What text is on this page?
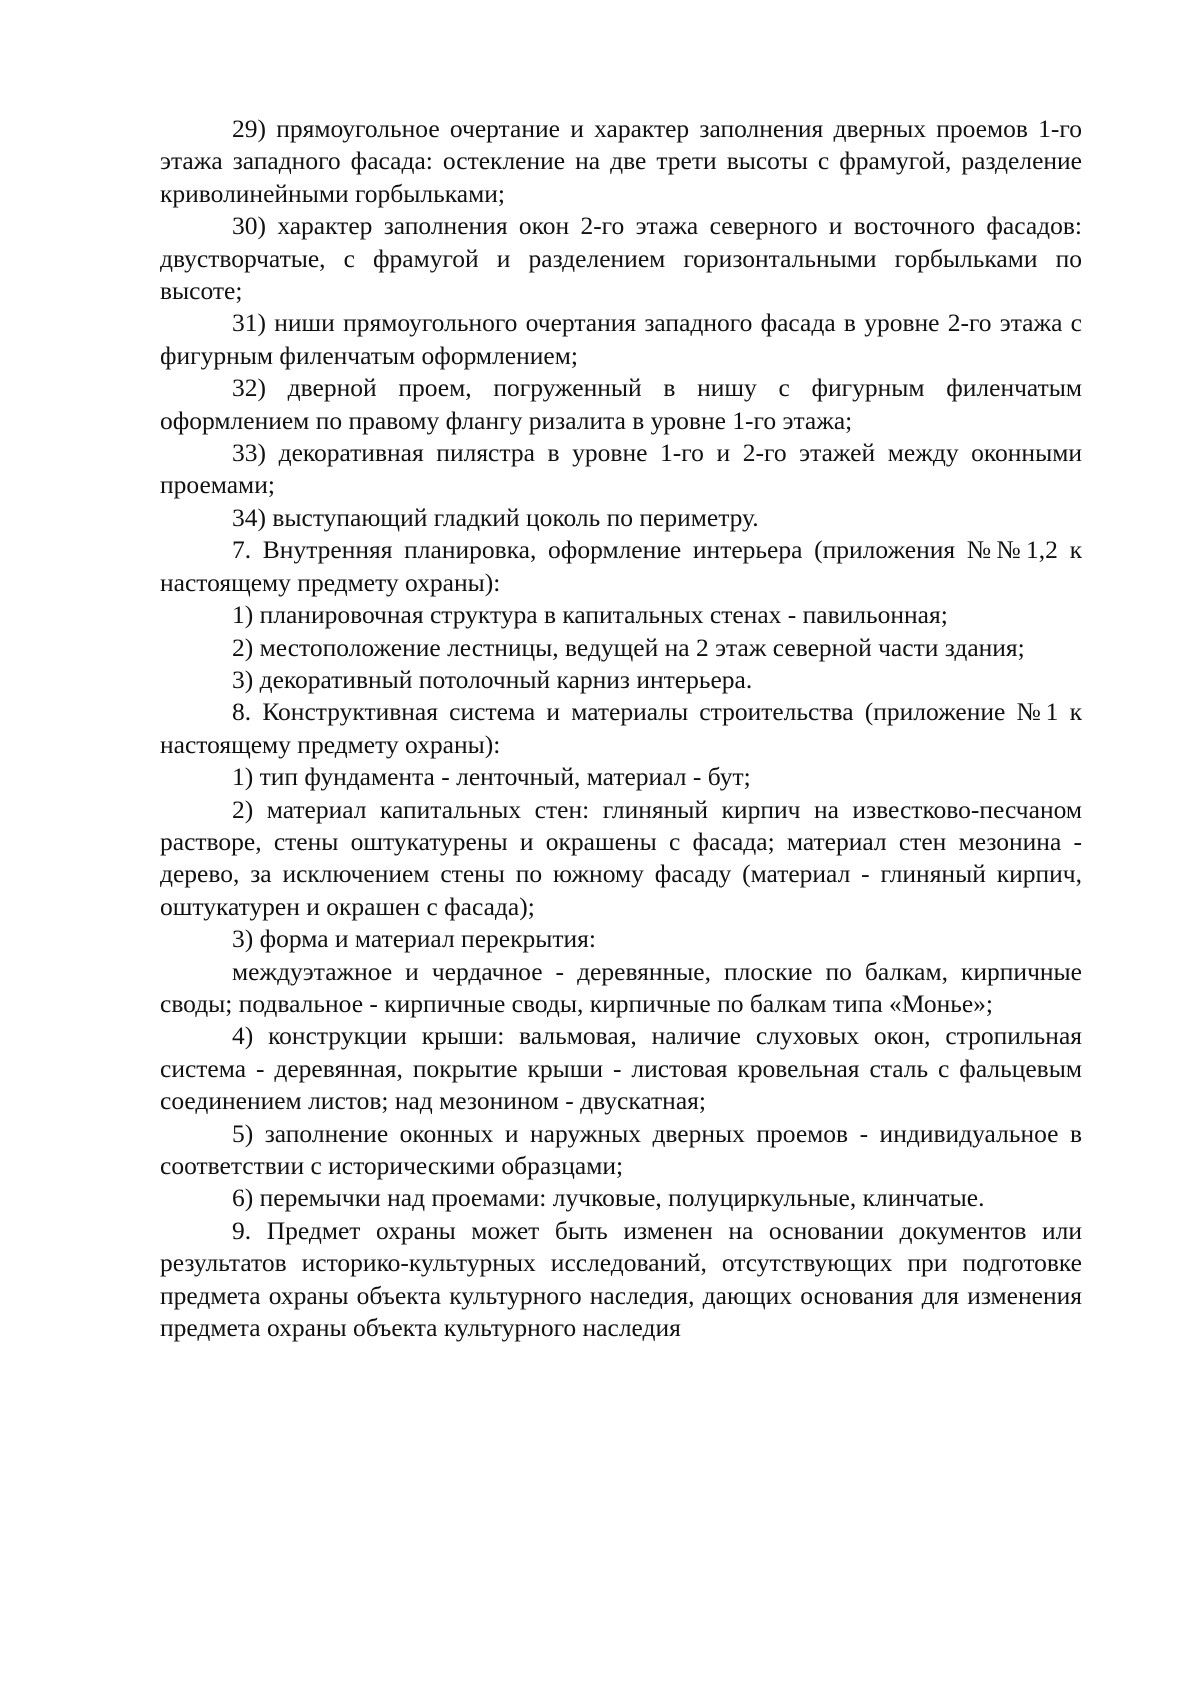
29) прямоугольное очертание и характер заполнения дверных проемов 1-го этажа западного фасада: остекление на две трети высоты с фрамугой, разделение криволинейными горбыльками;

30) характер заполнения окон 2-го этажа северного и восточного фасадов: двустворчатые, с фрамугой и разделением горизонтальными горбыльками по высоте;

31) ниши прямоугольного очертания западного фасада в уровне 2-го этажа с фигурным филенчатым оформлением;

32) дверной проем, погруженный в нишу с фигурным филенчатым оформлением по правому флангу ризалита в уровне 1-го этажа;

33) декоративная пилястра в уровне 1-го и 2-го этажей между оконными проемами;

34) выступающий гладкий цоколь по периметру.

7. Внутренняя планировка, оформление интерьера (приложения №№1,2 к настоящему предмету охраны):

1) планировочная структура в капитальных стенах - павильонная;

2) местоположение лестницы, ведущей на 2 этаж северной части здания;

3) декоративный потолочный карниз интерьера.

8. Конструктивная система и материалы строительства (приложение №1 к настоящему предмету охраны):

1) тип фундамента - ленточный, материал - бут;

2) материал капитальных стен: глиняный кирпич на известково-песчаном растворе, стены оштукатурены и окрашены с фасада; материал стен мезонина - дерево, за исключением стены по южному фасаду (материал - глиняный кирпич, оштукатурен и окрашен с фасада);

3) форма и материал перекрытия:

междуэтажное и чердачное - деревянные, плоские по балкам, кирпичные своды; подвальное - кирпичные своды, кирпичные по балкам типа «Монье»;

4) конструкции крыши: вальмовая, наличие слуховых окон, стропильная система - деревянная, покрытие крыши - листовая кровельная сталь с фальцевым соединением листов; над мезонином - двускатная;

5) заполнение оконных и наружных дверных проемов - индивидуальное в соответствии с историческими образцами;

6) перемычки над проемами: лучковые, полуциркульные, клинчатые.

9. Предмет охраны может быть изменен на основании документов или результатов историко-культурных исследований, отсутствующих при подготовке предмета охраны объекта культурного наследия, дающих основания для изменения предмета охраны объекта культурного наследия
